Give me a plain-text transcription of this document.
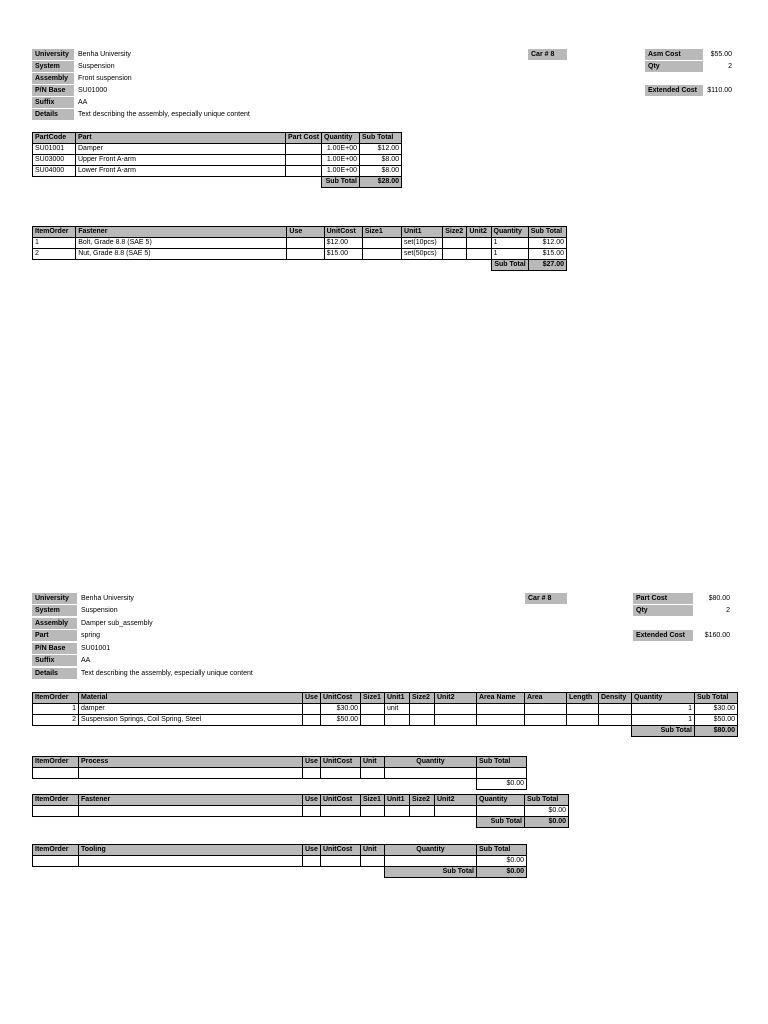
University	Benha University
System	Suspension
Assembly	Front suspension
P/N Base	SU01000
Suffix	AA
Details	Text describing the assembly, especially unique content
Car # 8	Asm Cost	$55.00
Qty	2
Extended Cost	$110.00
PartCode	Part	Part Cost	Quantity	Sub Total
SU01001	Damper		1.00E+00	$12.00
SU03000	Upper Front A-arm		1.00E+00	$8.00
SU04000	Lower Front A-arm		1.00E+00	$8.00
			Sub Total	$28.00
ItemOrder	Fastener	Use	UnitCost	Size1	Unit1	Size2	Unit2	Quantity	Sub Total
1	Bolt, Grade 8.8 (SAE 5)		$12.00		set(10pcs)			1	$12.00
2	Nut, Grade 8.8 (SAE 5)		$15.00		set(50pcs)			1	$15.00
								Sub Total	$27.00
University	Benha University
System	Suspension
Assembly	Damper sub_assembly
Part	spring
P/N Base	SU01001
Suffix	AA
Details	Text describing the assembly, especially unique content
Car # 8	Part Cost	$80.00
Qty	2
Extended Cost	$160.00
ItemOrder	Material	Use	UnitCost	Size1	Unit1	Size2	Unit2	Area Name	Area	Length	Density	Quantity	Sub Total
1	damper		$30.00		unit							1	$30.00
2	Suspension Springs, Coil Spring, Steel		$50.00									1	$50.00
												Sub Total	$80.00
ItemOrder	Process	Use	UnitCost	Unit	Quantity	Sub Total

						$0.00
ItemOrder	Fastener	Use	UnitCost	Size1	Unit1	Size2	Unit2	Quantity	Sub Total
									$0.00
								Sub Total	$0.00
ItemOrder	Tooling	Use	UnitCost	Unit	Quantity	Sub Total
						$0.00
					Sub Total	$0.00
